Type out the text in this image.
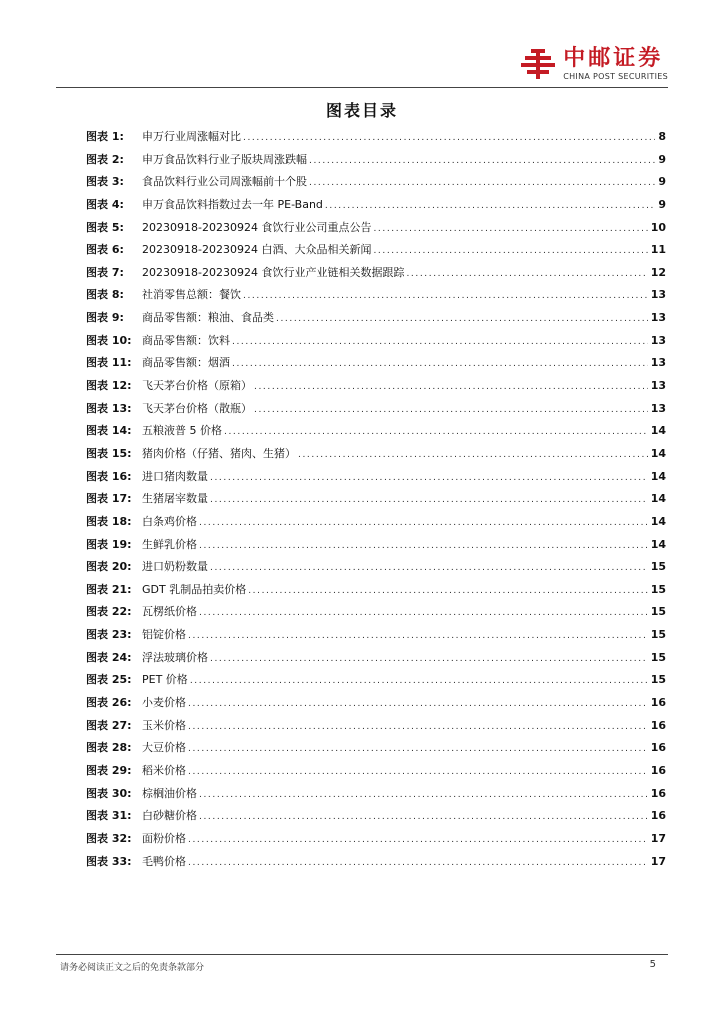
中邮证券
CHINA POST SECURITIES
图表目录
图表 1:	申万行业周涨幅对比 .....	8
图表 2:	申万食品饮料行业子版块周涨跌幅 .....	9
图表 3:	食品饮料行业公司周涨幅前十个股 .....	9
图表 4:	申万食品饮料指数过去一年 PE-Band .....	9
图表 5:	20230918-20230924 食饮行业公司重点公告 .....	10
图表 6:	20230918-20230924 白酒、大众品相关新闻 .....	11
图表 7:	20230918-20230924 食饮行业产业链相关数据跟踪 .....	12
图表 8:	社消零售总额：餐饮 .....	13
图表 9:	商品零售额：粮油、食品类 .....	13
图表 10: 商品零售额：饮料 .....	13
图表 11: 商品零售额：烟酒 .....	13
图表 12: 飞天茅台价格（原箱） .....	13
图表 13: 飞天茅台价格（散瓶） .....	13
图表 14: 五粮液普 5 价格 .....	14
图表 15: 猪肉价格（仔猪、猪肉、生猪） .....	14
图表 16: 进口猪肉数量 .....	14
图表 17: 生猪屠宰数量 .....	14
图表 18: 白条鸡价格 .....	14
图表 19: 生鲜乳价格 .....	14
图表 20: 进口奶粉数量 .....	15
图表 21: GDT 乳制品拍卖价格 .....	15
图表 22: 瓦楞纸价格 .....	15
图表 23: 铝锭价格 .....	15
图表 24: 浮法玻璃价格 .....	15
图表 25: PET 价格 .....	15
图表 26: 小麦价格 .....	16
图表 27: 玉米价格 .....	16
图表 28: 大豆价格 .....	16
图表 29: 稻米价格 .....	16
图表 30: 棕榈油价格 .....	16
图表 31: 白砂糖价格 .....	16
图表 32: 面粉价格 .....	17
图表 33: 毛鸭价格 .....	17
请务必阅读正文之后的免责条款部分	5
